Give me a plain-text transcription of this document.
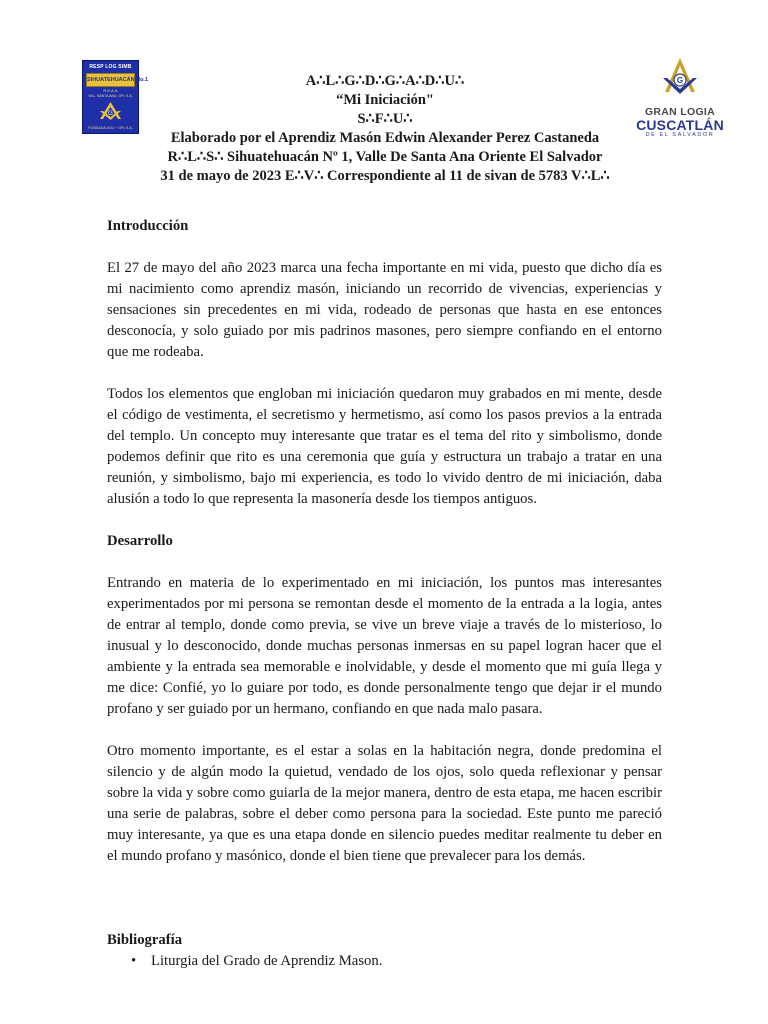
RESP LOG SIMB
SIHUATEHUACÁN No.1
R.E.A.A
VAL. SANTA ANA, OR. S.A.
G
FUNDADA 2012 ~ OR. S.A.
G
GRAN LOGIA
CUSCATLÁN
DE EL SALVADOR
A∴L∴G∴D∴G∴A∴D∴U∴
“Mi Iniciación"
S∴F∴U∴
Elaborado por el Aprendiz Masón Edwin Alexander Perez Castaneda
R∴L∴S∴ Sihuatehuacán Nº 1, Valle De Santa Ana Oriente El Salvador
31 de mayo de 2023 E∴V∴ Correspondiente al 11 de sivan de 5783 V∴L∴

Introducción

El 27 de mayo del año 2023 marca una fecha importante en mi vida, puesto que dicho día es mi nacimiento como aprendiz masón, iniciando un recorrido de vivencias, experiencias y sensaciones sin precedentes en mi vida, rodeado de personas que hasta en ese entonces desconocía, y solo guiado por mis padrinos masones, pero siempre confiando en el entorno que me rodeaba.

Todos los elementos que engloban mi iniciación quedaron muy grabados en mi mente, desde el código de vestimenta, el secretismo y hermetismo, así como los pasos previos a la entrada del templo. Un concepto muy interesante que tratar es el tema del rito y simbolismo, donde podemos definir que rito es una ceremonia que guía y estructura un trabajo a tratar en una reunión, y simbolismo, bajo mi experiencia, es todo lo vivido dentro de mi iniciación, daba alusión a todo lo que representa la masonería desde los tiempos antiguos.

Desarrollo

Entrando en materia de lo experimentado en mi iniciación, los puntos mas interesantes experimentados por mi persona se remontan desde el momento de la entrada a la logia, antes de entrar al templo, donde como previa, se vive un breve viaje a través de lo misterioso, lo inusual y lo desconocido, donde muchas personas inmersas en su papel logran hacer que el ambiente y la entrada sea memorable e inolvidable, y desde el momento que mi guía llega y me dice: Confié, yo lo guiare por todo, es donde personalmente tengo que dejar ir el mundo profano y ser guiado por un hermano, confiando en que nada malo pasara.

Otro momento importante, es el estar a solas en la habitación negra, donde predomina el silencio y de algún modo la quietud, vendado de los ojos, solo queda reflexionar y pensar sobre la vida y sobre como guiarla de la mejor manera, dentro de esta etapa, me hacen escribir una serie de palabras, sobre el deber como persona para la sociedad. Este punto me pareció muy interesante, ya que es una etapa donde en silencio puedes meditar realmente tu deber en el mundo profano y masónico, donde el bien tiene que prevalecer para los demás.

Bibliografía

• Liturgia del Grado de Aprendiz Mason.
